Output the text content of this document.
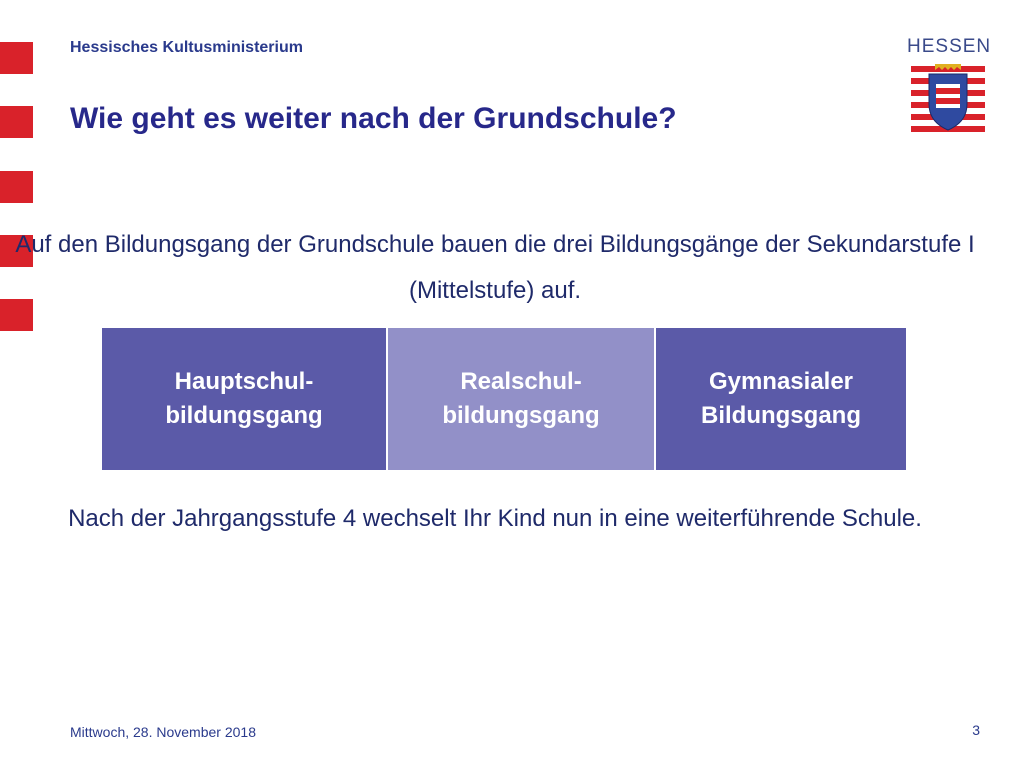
Hessisches Kultusministerium
Wie geht es weiter nach der Grundschule?
HESSEN
Auf den Bildungsgang der Grundschule bauen die drei Bildungsgänge der Sekundarstufe I (Mittelstufe) auf.
Hauptschul-
bildungsgang
Realschul-
bildungsgang
Gymnasialer
Bildungsgang
Nach der Jahrgangsstufe 4 wechselt Ihr Kind nun in eine weiterführende Schule.
Mittwoch, 28. November 2018	3
